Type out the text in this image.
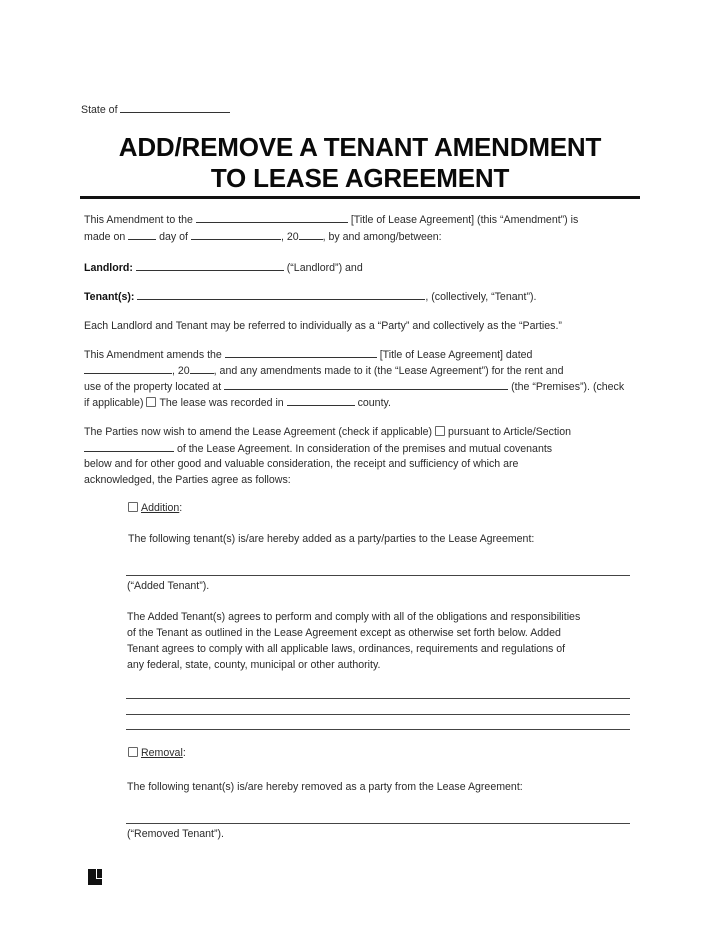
State of
ADD/REMOVE A TENANT AMENDMENT
TO LEASE AGREEMENT
This Amendment to the	[Title of Lease Agreement] (this “Amendment”) is
made on	day of	, 20 , by and among/between:
Landlord:	(“Landlord”) and
Tenant(s):	, (collectively, “Tenant”).
Each Landlord and Tenant may be referred to individually as a “Party” and collectively as the “Parties.”
This Amendment amends the	[Title of Lease Agreement] dated
, 20 , and any amendments made to it (the “Lease Agreement”) for the rent and
use of the property located at	(the “Premises”). (check
if applicable) The lease was recorded in	county.
The Parties now wish to amend the Lease Agreement (check if applicable) pursuant to Article/Section
of the Lease Agreement. In consideration of the premises and mutual covenants
below and for other good and valuable consideration, the receipt and sufficiency of which are
acknowledged, the Parties agree as follows:
Addition:
The following tenant(s) is/are hereby added as a party/parties to the Lease Agreement:
(“Added Tenant”).
The Added Tenant(s) agrees to perform and comply with all of the obligations and responsibilities
of the Tenant as outlined in the Lease Agreement except as otherwise set forth below. Added
Tenant agrees to comply with all applicable laws, ordinances, requirements and regulations of
any federal, state, county, municipal or other authority.
Removal:
The following tenant(s) is/are hereby removed as a party from the Lease Agreement:
(“Removed Tenant”).
